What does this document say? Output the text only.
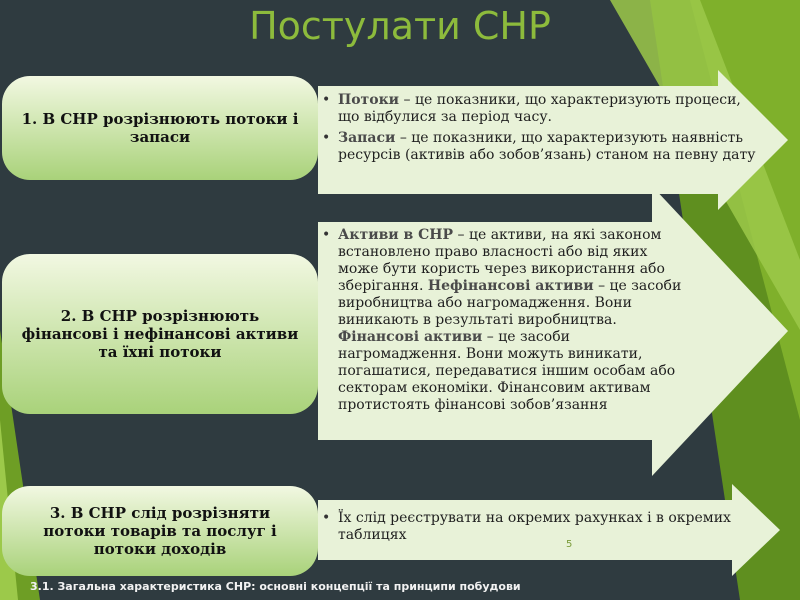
Постулати СНР
1. В СНР розрізнюють потоки і запаси
• Потоки – це показники, що характеризують процеси, що відбулися за період часу.
• Запаси – це показники, що характеризують наявність ресурсів (активів або зобов’язань) станом на певну дату
2. В СНР розрізнюють фінансові і нефінансові активи та їхні потоки
• Активи в СНР – це активи, на які законом встановлено право власності або від яких може бути користь через використання або зберігання. Нефінансові активи – це засоби виробництва або нагромадження. Вони виникають в результаті виробництва. Фінансові активи – це засоби нагромадження. Вони можуть виникати, погашатися, передаватися іншим особам або секторам економіки. Фінансовим активам протистоять фінансові зобов’язання
3. В СНР слід розрізняти потоки товарів та послуг і потоки доходів
• Їх слід реєструвати на окремих рахунках і в окремих таблицях
5
3.1. Загальна характеристика СНР: основні концепції та принципи побудови
